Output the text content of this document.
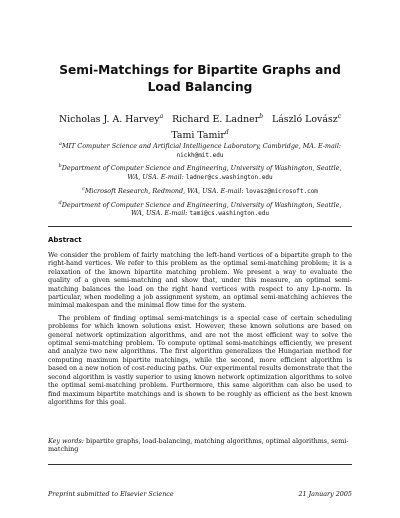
Semi-Matchings for Bipartite Graphs and
Load Balancing
Nicholas J. A. Harvey$^a$ Richard E. Ladner$^b$ László Lovász$^c$
Tami Tamir$^d$
$^a$MIT Computer Science and Artificial Intelligence Laboratory, Cambridge, MA. E-mail: nickh@mit.edu
$^b$Department of Computer Science and Engineering, University of Washington, Seattle, WA, USA. E-mail: ladner@cs.washington.edu
$^c$Microsoft Research, Redmond, WA, USA. E-mail: lovasz@microsoft.com
$^d$Department of Computer Science and Engineering, University of Washington, Seattle, WA, USA. E-mail: tami@cs.washington.edu
Abstract

We consider the problem of fairly matching the left-hand vertices of a bipartite graph to the right-hand vertices. We refer to this problem as the optimal semi-matching problem; it is a relaxation of the known bipartite matching problem. We present a way to evaluate the quality of a given semi-matching and show that, under this measure, an optimal semi-matching balances the load on the right hand vertices with respect to any Lp-norm. In particular, when modeling a job assignment system, an optimal semi-matching achieves the minimal makespan and the minimal flow time for the system.

The problem of finding optimal semi-matchings is a special case of certain scheduling problems for which known solutions exist. However, these known solutions are based on general network optimization algorithms, and are not the most efficient way to solve the optimal semi-matching problem. To compute optimal semi-matchings efficiently, we present and analyze two new algorithms. The first algorithm generalizes the Hungarian method for computing maximum bipartite matchings, while the second, more efficient algorithm is based on a new notion of cost-reducing paths. Our experimental results demonstrate that the second algorithm is vastly superior to using known network optimization algorithms to solve the optimal semi-matching problem. Furthermore, this same algorithm can also be used to find maximum bipartite matchings and is shown to be roughly as efficient as the best known algorithms for this goal.

Key words: bipartite graphs, load-balancing, matching algorithms, optimal algorithms, semi-matching
Preprint submitted to Elsevier Science	21 January 2005
